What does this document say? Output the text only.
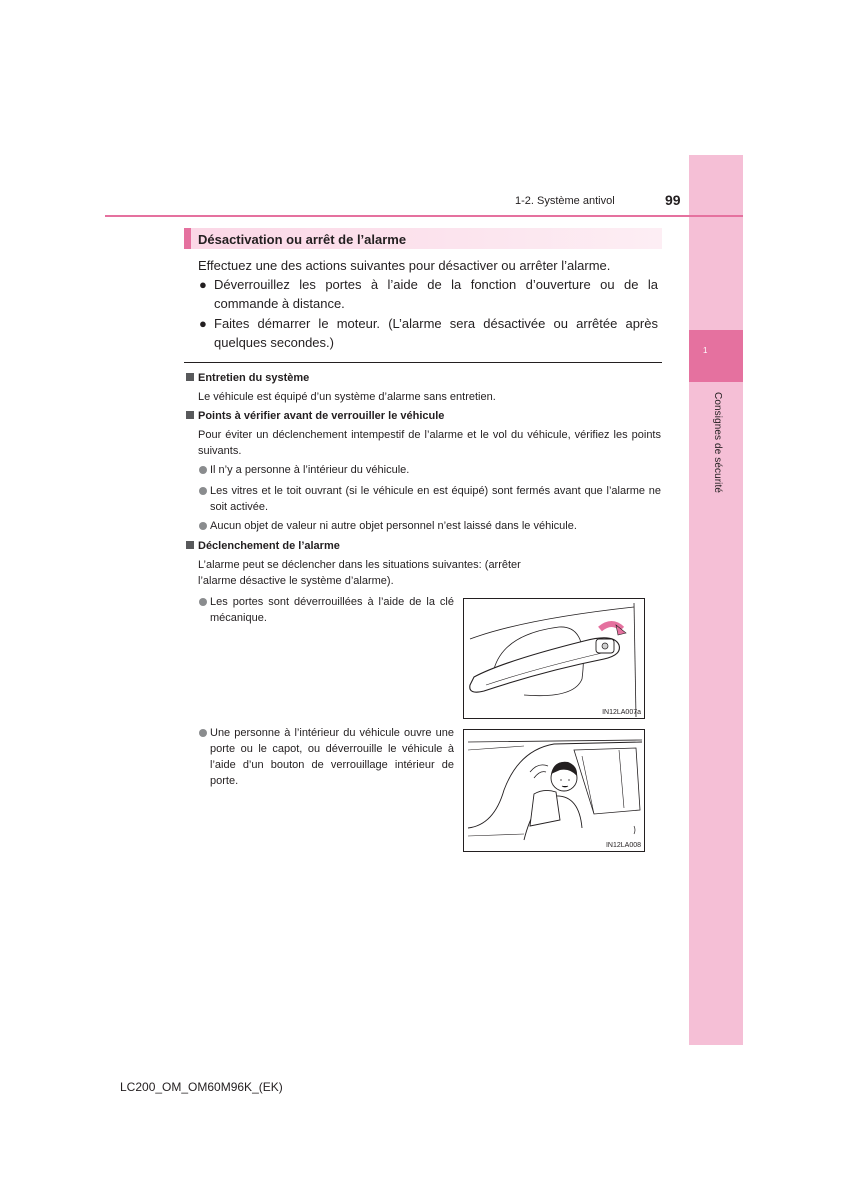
1
Consignes de sécurité
1-2. Système antivol	99
Désactivation ou arrêt de l’alarme
Effectuez une des actions suivantes pour désactiver ou arrêter l’alarme.
● Déverrouillez les portes à l’aide de la fonction d’ouverture ou de la commande à distance.
● Faites démarrer le moteur. (L’alarme sera désactivée ou arrêtée après quelques secondes.)
Entretien du système
Le véhicule est équipé d’un système d’alarme sans entretien.
Points à vérifier avant de verrouiller le véhicule
Pour éviter un déclenchement intempestif de l’alarme et le vol du véhicule, vérifiez les points suivants.
Il n’y a personne à l’intérieur du véhicule.
Les vitres et le toit ouvrant (si le véhicule en est équipé) sont fermés avant que l’alarme ne soit activée.
Aucun objet de valeur ni autre objet personnel n’est laissé dans le véhicule.
Déclenchement de l’alarme
L’alarme peut se déclencher dans les situations suivantes: (arrêter l’alarme désactive le système d’alarme).
Les portes sont déverrouillées à l’aide de la clé mécanique.
Une personne à l’intérieur du véhicule ouvre une porte ou le capot, ou déverrouille le véhicule à l’aide d’un bouton de verrouillage intérieur de porte.
IN12LA007a
IN12LA008
LC200_OM_OM60M96K_(EK)
